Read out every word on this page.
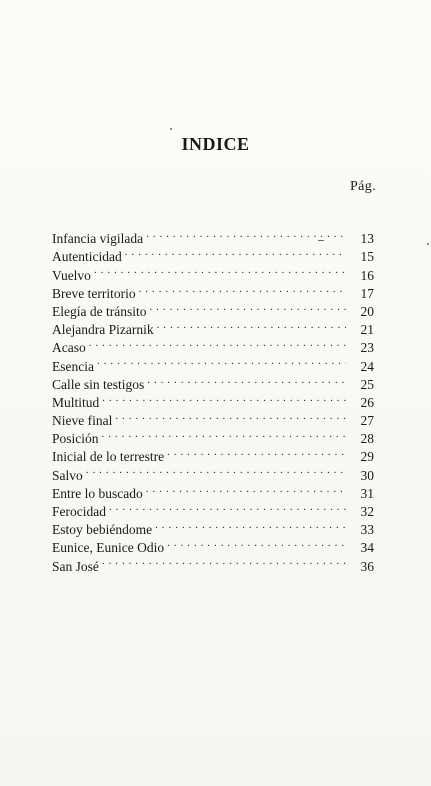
INDICE
Pág.
Infancia vigilada . . .	13
Autenticidad . . .	15
Vuelvo . . .	16
Breve territorio . . .	17
Elegía de tránsito . . .	20
Alejandra Pizarnik . . .	21
Acaso . . .	23
Esencia . . .	24
Calle sin testigos . . .	25
Multitud . . .	26
Nieve final . . .	27
Posición . . .	28
Inicial de lo terrestre . . .	29
Salvo . . .	30
Entre lo buscado . . .	31
Ferocidad . . .	32
Estoy bebiéndome . . .	33
Eunice, Eunice Odio . . .	34
San José . . .	36
